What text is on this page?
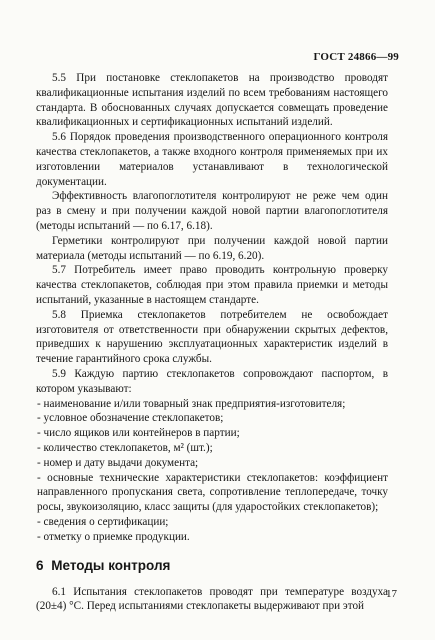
ГОСТ 24866—99

5.5 При постановке стеклопакетов на производство проводят квалификационные испытания изделий по всем требованиям настоящего стандарта. В обоснованных случаях допускается совмещать проведение квалификационных и сертификационных испытаний изделий.

5.6 Порядок проведения производственного операционного контроля качества стеклопакетов, а также входного контроля применяемых при их изготовлении материалов устанавливают в технологической документации.

Эффективность влагопоглотителя контролируют не реже чем один раз в смену и при получении каждой новой партии влагопоглотителя (методы испытаний — по 6.17, 6.18).

Герметики контролируют при получении каждой новой партии материала (методы испытаний — по 6.19, 6.20).

5.7 Потребитель имеет право проводить контрольную проверку качества стеклопакетов, соблюдая при этом правила приемки и методы испытаний, указанные в настоящем стандарте.

5.8 Приемка стеклопакетов потребителем не освобождает изготовителя от ответственности при обнаружении скрытых дефектов, приведших к нарушению эксплуатационных характеристик изделий в течение гарантийного срока службы.

5.9 Каждую партию стеклопакетов сопровождают паспортом, в котором указывают:

- наименование и/или товарный знак предприятия-изготовителя;

- условное обозначение стеклопакетов;

- число ящиков или контейнеров в партии;

- количество стеклопакетов, м² (шт.);

- номер и дату выдачи документа;

- основные технические характеристики стеклопакетов: коэффициент направленного пропускания света, сопротивление теплопередаче, точку росы, звукоизоляцию, класс защиты (для ударостойких стеклопакетов);

- сведения о сертификации;

- отметку о приемке продукции.

6 Методы контроля

6.1 Испытания стеклопакетов проводят при температуре воздуха (20±4) °С. Перед испытаниями стеклопакеты выдерживают при этой

17
